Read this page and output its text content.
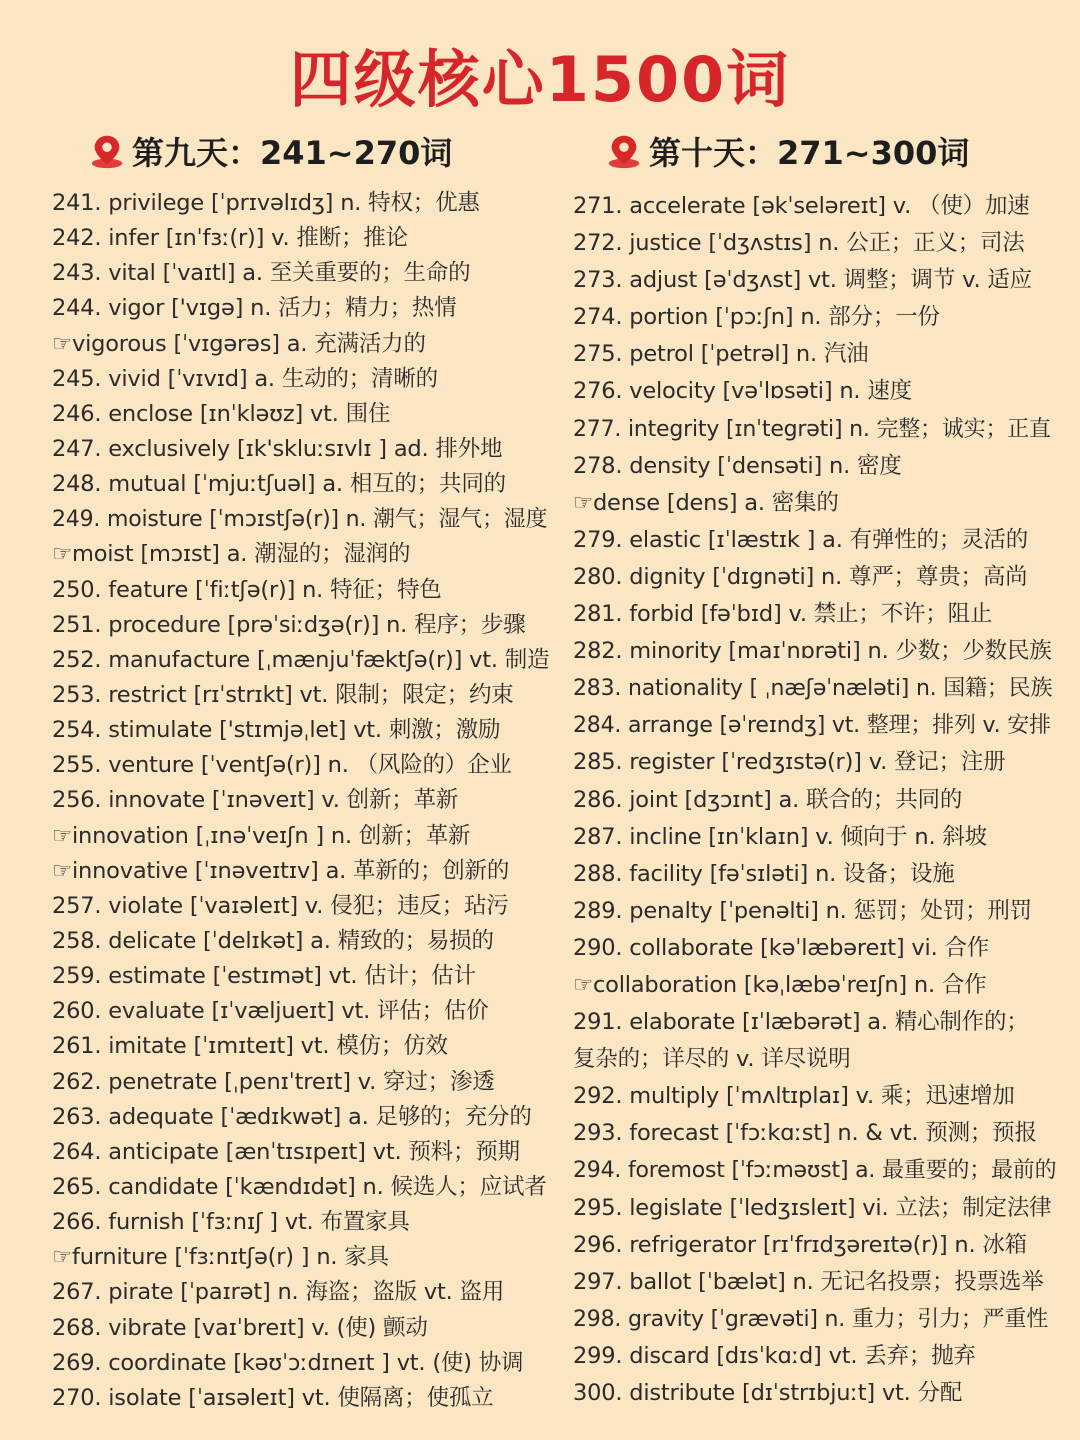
四级核心1500词
第九天：241~270词
241. privilege [ˈprɪvəlɪdʒ] n. 特权；优惠
242. infer [ɪnˈfɜː(r)] v. 推断；推论
243. vital [ˈvaɪtl] a. 至关重要的；生命的
244. vigor ['vɪgə] n. 活力；精力；热情
☞vigorous [ˈvɪgərəs] a. 充满活力的
245. vivid [ˈvɪvɪd] a. 生动的；清晰的
246. enclose [ɪnˈkləʊz] vt. 围住
247. exclusively [ɪk'skluːsɪvlɪ ] ad. 排外地
248. mutual [ˈmjuːtʃuəl] a. 相互的；共同的
249. moisture [ˈmɔɪstʃə(r)] n. 潮气；湿气；湿度
☞moist [mɔɪst] a. 潮湿的；湿润的
250. feature [ˈfiːtʃə(r)] n. 特征；特色
251. procedure [prəˈsiːdʒə(r)] n. 程序；步骤
252. manufacture [ˌmænjuˈfæktʃə(r)] vt. 制造
253. restrict [rɪˈstrɪkt] vt. 限制；限定；约束
254. stimulate ['stɪmjəˌlet] vt. 刺激；激励
255. venture [ˈventʃə(r)] n. （风险的）企业
256. innovate [ˈɪnəveɪt] v. 创新；革新
☞innovation [ˌɪnəˈveɪʃn ] n. 创新；革新
☞innovative [ˈɪnəveɪtɪv] a. 革新的；创新的
257. violate [ˈvaɪəleɪt] v. 侵犯；违反；玷污
258. delicate [ˈdelɪkət] a. 精致的；易损的
259. estimate [ˈestɪmət] vt. 估计；估计
260. evaluate [ɪˈvæljueɪt] vt. 评估；估价
261. imitate [ˈɪmɪteɪt] vt. 模仿；仿效
262. penetrate [ˌpenɪˈtreɪt] v. 穿过；渗透
263. adequate [ˈædɪkwət] a. 足够的；充分的
264. anticipate [ænˈtɪsɪpeɪt] vt. 预料；预期
265. candidate [ˈkændɪdət] n. 候选人；应试者
266. furnish [ˈfɜːnɪʃ ] vt. 布置家具
☞furniture [ˈfɜːnɪtʃə(r) ] n. 家具
267. pirate [ˈpaɪrət] n. 海盗；盗版 vt. 盗用
268. vibrate [vaɪˈbreɪt] v. (使) 颤动
269. coordinate [kəʊˈɔːdɪneɪt ] vt. (使) 协调
270. isolate [ˈaɪsəleɪt] vt. 使隔离；使孤立
第十天：271~300词
271. accelerate [əkˈseləreɪt] v. （使）加速
272. justice [ˈdʒʌstɪs] n. 公正；正义；司法
273. adjust [əˈdʒʌst] vt. 调整；调节 v. 适应
274. portion [ˈpɔːʃn] n. 部分；一份
275. petrol [ˈpetrəl] n. 汽油
276. velocity [vəˈlɒsəti] n. 速度
277. integrity [ɪnˈtegrəti] n. 完整；诚实；正直
278. density [ˈdensəti] n. 密度
☞dense [dens] a. 密集的
279. elastic [ɪˈlæstɪk ] a. 有弹性的；灵活的
280. dignity [ˈdɪgnəti] n. 尊严；尊贵；高尚
281. forbid [fəˈbɪd] v. 禁止；不许；阻止
282. minority [maɪˈnɒrəti] n. 少数；少数民族
283. nationality [ ˌnæʃəˈnæləti] n. 国籍；民族
284. arrange [əˈreɪndʒ] vt. 整理；排列 v. 安排
285. register [ˈredʒɪstə(r)] v. 登记；注册
286. joint [dʒɔɪnt] a. 联合的；共同的
287. incline [ɪnˈklaɪn] v. 倾向于 n. 斜坡
288. facility [fəˈsɪləti] n. 设备；设施
289. penalty [ˈpenəlti] n. 惩罚；处罚；刑罚
290. collaborate [kəˈlæbəreɪt] vi. 合作
☞collaboration [kəˌlæbəˈreɪʃn] n. 合作
291. elaborate [ɪˈlæbərət] a. 精心制作的；
复杂的；详尽的 v. 详尽说明
292. multiply [ˈmʌltɪplaɪ] v. 乘；迅速增加
293. forecast [ˈfɔːkɑːst] n. & vt. 预测；预报
294. foremost [ˈfɔːməʊst] a. 最重要的；最前的
295. legislate [ˈledʒɪsleɪt] vi. 立法；制定法律
296. refrigerator [rɪˈfrɪdʒəreɪtə(r)] n. 冰箱
297. ballot [ˈbælət] n. 无记名投票；投票选举
298. gravity [ˈgrævəti] n. 重力；引力；严重性
299. discard [dɪsˈkɑːd] vt. 丢弃；抛弃
300. distribute [dɪˈstrɪbjuːt] vt. 分配
